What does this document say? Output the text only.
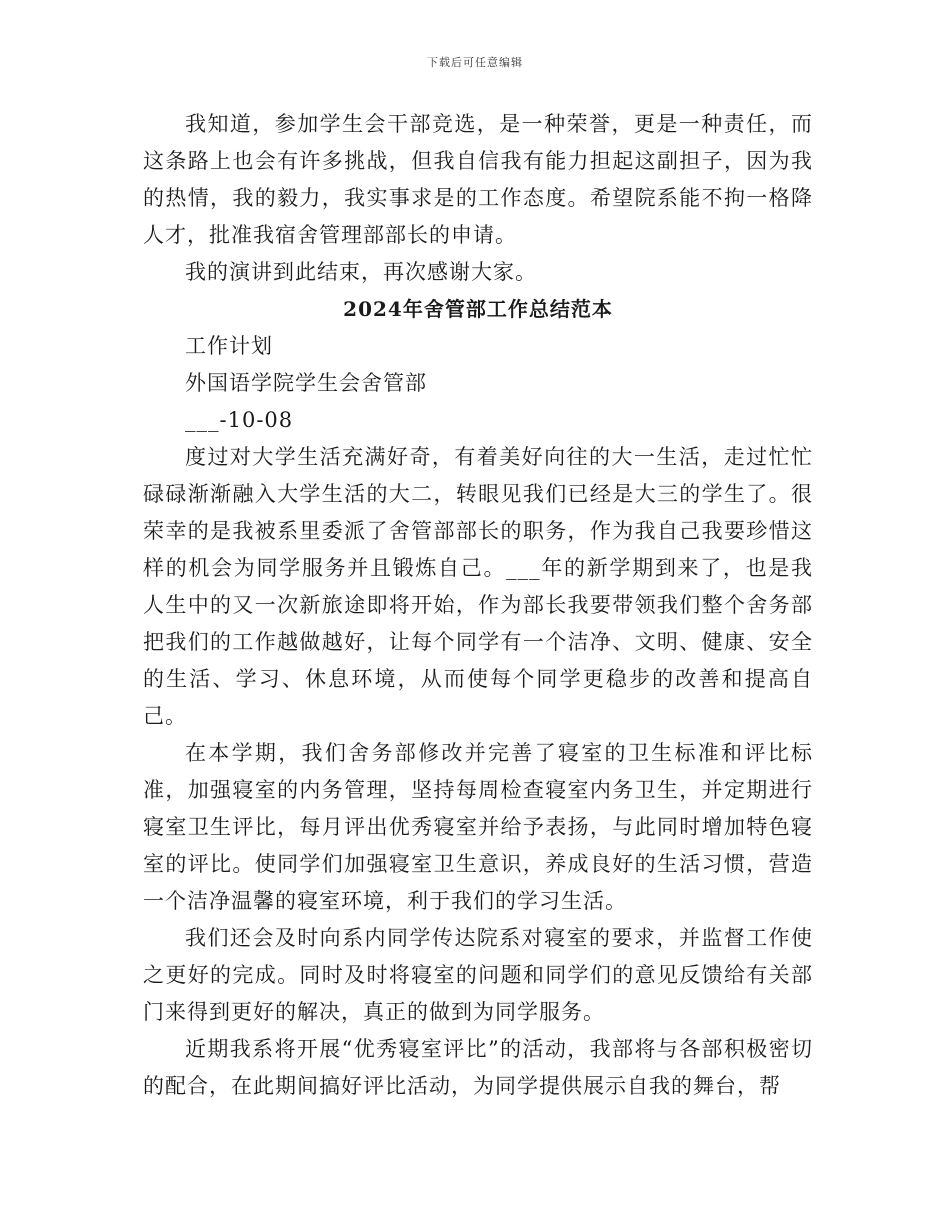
下载后可任意编辑

我知道，参加学生会干部竞选，是一种荣誉，更是一种责任，而这条路上也会有许多挑战，但我自信我有能力担起这副担子，因为我的热情，我的毅力，我实事求是的工作态度。希望院系能不拘一格降人才，批准我宿舍管理部部长的申请。

我的演讲到此结束，再次感谢大家。

2024年舍管部工作总结范本

工作计划

外国语学院学生会舍管部

___-10-08

度过对大学生活充满好奇，有着美好向往的大一生活，走过忙忙碌碌渐渐融入大学生活的大二，转眼见我们已经是大三的学生了。很荣幸的是我被系里委派了舍管部部长的职务，作为我自己我要珍惜这样的机会为同学服务并且锻炼自己。___年的新学期到来了，也是我人生中的又一次新旅途即将开始，作为部长我要带领我们整个舍务部把我们的工作越做越好，让每个同学有一个洁净、文明、健康、安全的生活、学习、休息环境，从而使每个同学更稳步的改善和提高自己。

在本学期，我们舍务部修改并完善了寝室的卫生标准和评比标准，加强寝室的内务管理，坚持每周检查寝室内务卫生，并定期进行寝室卫生评比，每月评出优秀寝室并给予表扬，与此同时增加特色寝室的评比。使同学们加强寝室卫生意识，养成良好的生活习惯，营造一个洁净温馨的寝室环境，利于我们的学习生活。

我们还会及时向系内同学传达院系对寝室的要求，并监督工作使之更好的完成。同时及时将寝室的问题和同学们的意见反馈给有关部门来得到更好的解决，真正的做到为同学服务。

近期我系将开展“优秀寝室评比”的活动，我部将与各部积极密切的配合，在此期间搞好评比活动，为同学提供展示自我的舞台，帮
